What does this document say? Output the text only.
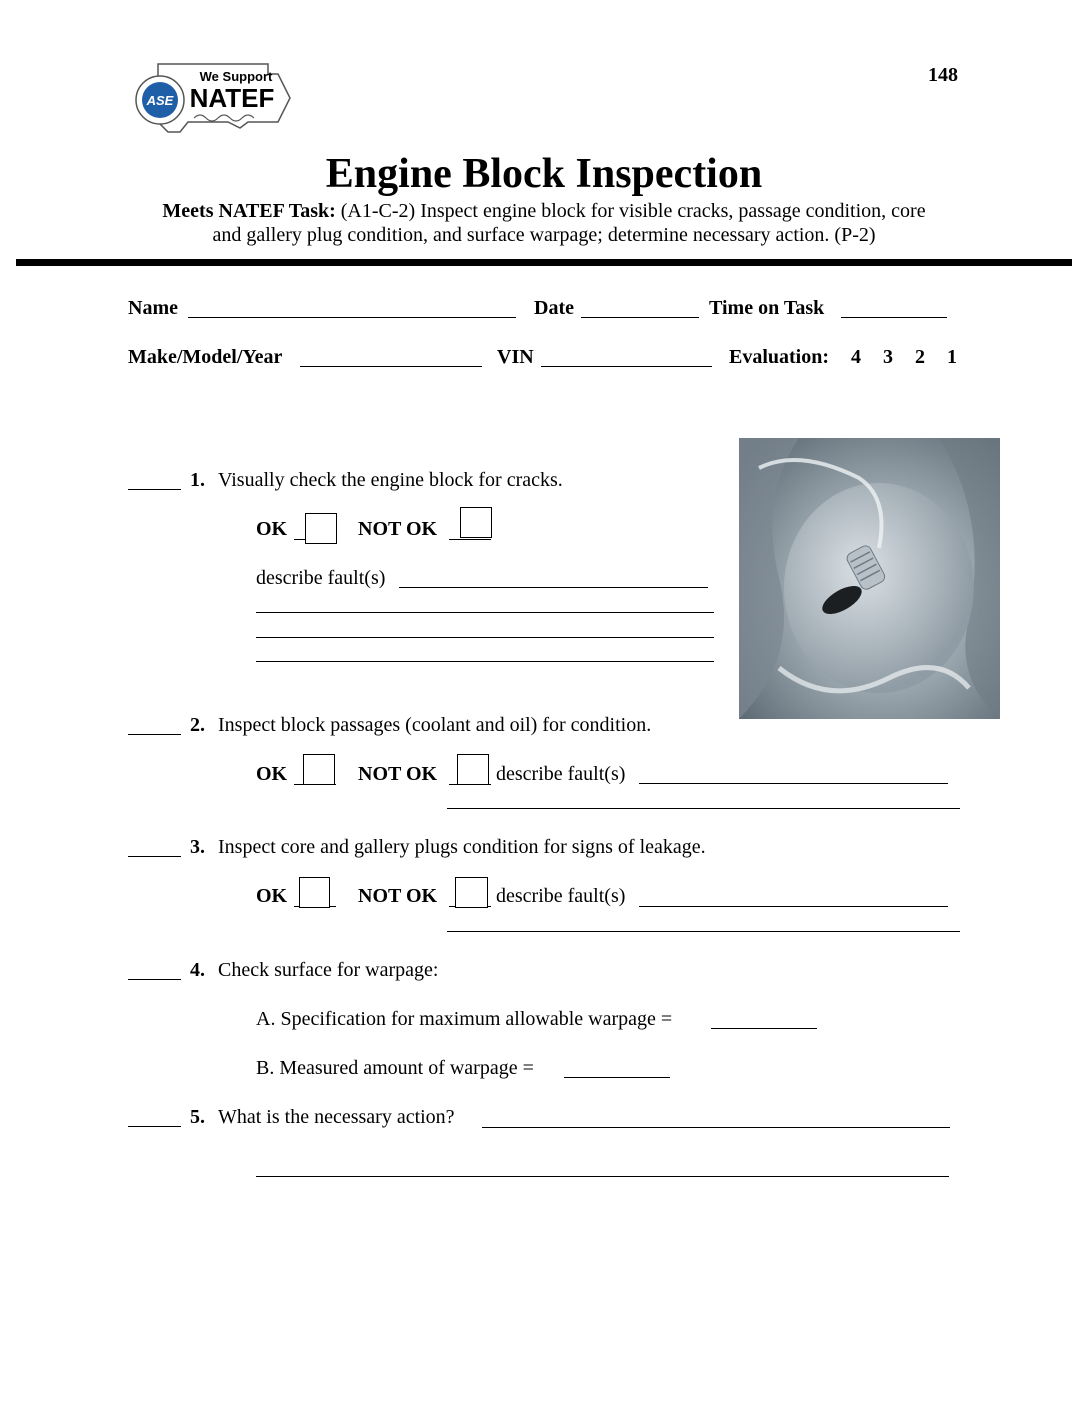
ASE
We Support
NATEF
148
Engine Block Inspection
Meets NATEF Task: (A1-C-2) Inspect engine block for visible cracks, passage condition, core
and gallery plug condition, and surface warpage; determine necessary action. (P-2)
Name	Date	Time on Task
Make/Model/Year	VIN	Evaluation: 4 3 2 1
1. Visually check the engine block for cracks.
OK	NOT OK
describe fault(s)
2. Inspect block passages (coolant and oil) for condition.
OK	NOT OK	describe fault(s)
3. Inspect core and gallery plugs condition for signs of leakage.
OK	NOT OK	describe fault(s)
4. Check surface for warpage:
A. Specification for maximum allowable warpage =
B. Measured amount of warpage =
5. What is the necessary action?
